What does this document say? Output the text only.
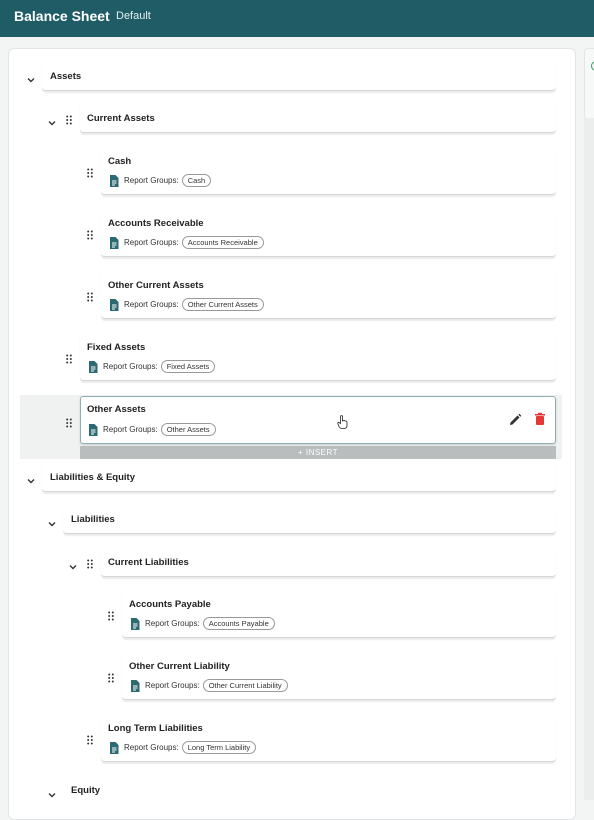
Balance Sheet Default
Assets
Current Assets
Cash
Report Groups:	Cash
Accounts Receivable
Report Groups:	Accounts Receivable
Other Current Assets
Report Groups:	Other Current Assets
Fixed Assets
Report Groups:	Fixed Assets
Other Assets
Report Groups:	Other Assets
+ INSERT
Liabilities & Equity
Liabilities
Current Liabilities
Accounts Payable
Report Groups:	Accounts Payable
Other Current Liability
Report Groups:	Other Current Liability
Long Term Liabilities
Report Groups:	Long Term Liability
Equity
